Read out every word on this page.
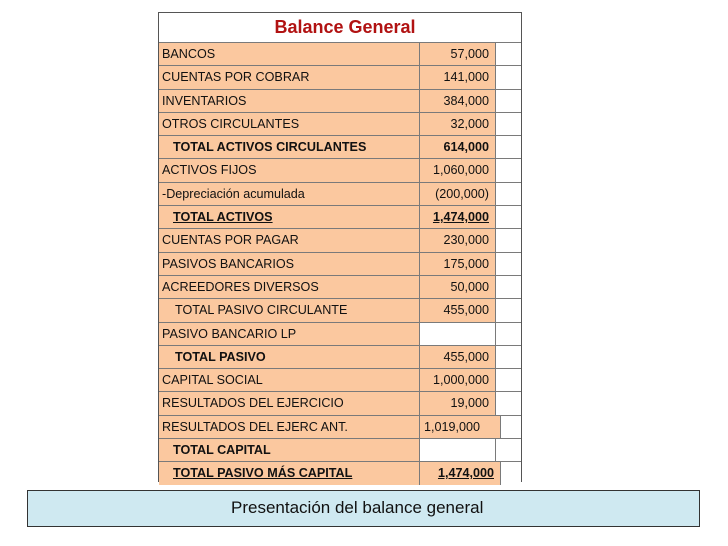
Balance General
BANCOS	57,000
CUENTAS POR COBRAR	141,000
INVENTARIOS	384,000
OTROS CIRCULANTES	32,000
TOTAL ACTIVOS CIRCULANTES	614,000
ACTIVOS FIJOS	1,060,000
-Depreciación acumulada	(200,000)
TOTAL ACTIVOS	1,474,000
CUENTAS POR PAGAR	230,000
PASIVOS BANCARIOS	175,000
ACREEDORES DIVERSOS	50,000
TOTAL PASIVO CIRCULANTE	455,000
PASIVO BANCARIO LP
TOTAL PASIVO	455,000
CAPITAL SOCIAL	1,000,000
RESULTADOS DEL EJERCICIO	19,000
RESULTADOS DEL EJERC ANT.	1,019,000
TOTAL CAPITAL
TOTAL PASIVO MÁS CAPITAL	1,474,000
Presentación del balance general
